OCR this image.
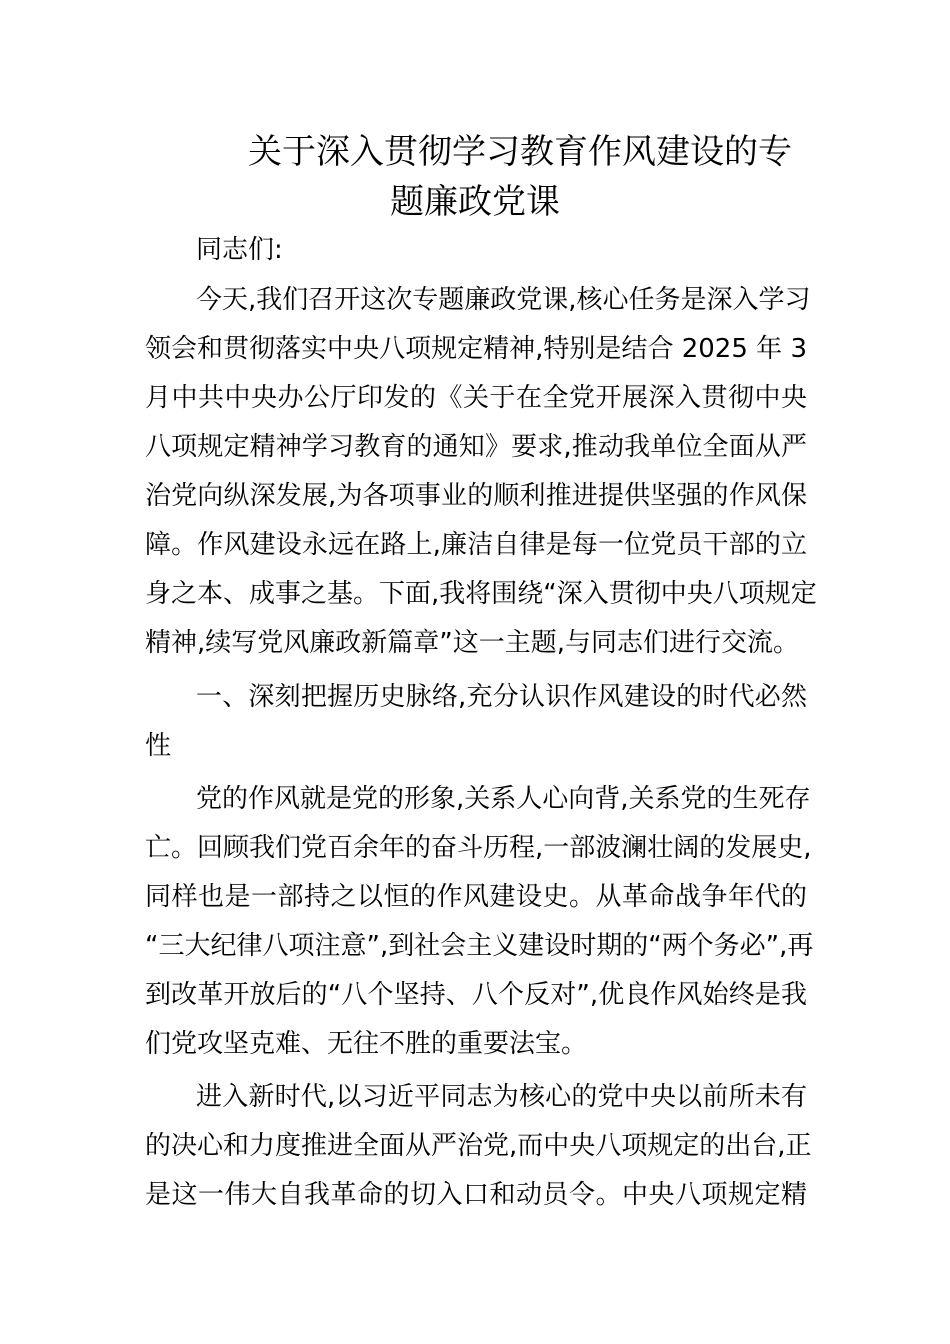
关于深入贯彻学习教育作风建设的专
题廉政党课
同志们:
今天,我们召开这次专题廉政党课,核心任务是深入学习
领会和贯彻落实中央八项规定精神,特别是结合 2025 年 3
月中共中央办公厅印发的《关于在全党开展深入贯彻中央
八项规定精神学习教育的通知》要求,推动我单位全面从严
治党向纵深发展,为各项事业的顺利推进提供坚强的作风保
障。作风建设永远在路上,廉洁自律是每一位党员干部的立
身之本、成事之基。下面,我将围绕“深入贯彻中央八项规定
精神,续写党风廉政新篇章”这一主题,与同志们进行交流。
一、深刻把握历史脉络,充分认识作风建设的时代必然
性
党的作风就是党的形象,关系人心向背,关系党的生死存
亡。回顾我们党百余年的奋斗历程,一部波澜壮阔的发展史,
同样也是一部持之以恒的作风建设史。从革命战争年代的
“三大纪律八项注意”,到社会主义建设时期的“两个务必”,再
到改革开放后的“八个坚持、八个反对”,优良作风始终是我
们党攻坚克难、无往不胜的重要法宝。
进入新时代,以习近平同志为核心的党中央以前所未有
的决心和力度推进全面从严治党,而中央八项规定的出台,正
是这一伟大自我革命的切入口和动员令。中央八项规定精
